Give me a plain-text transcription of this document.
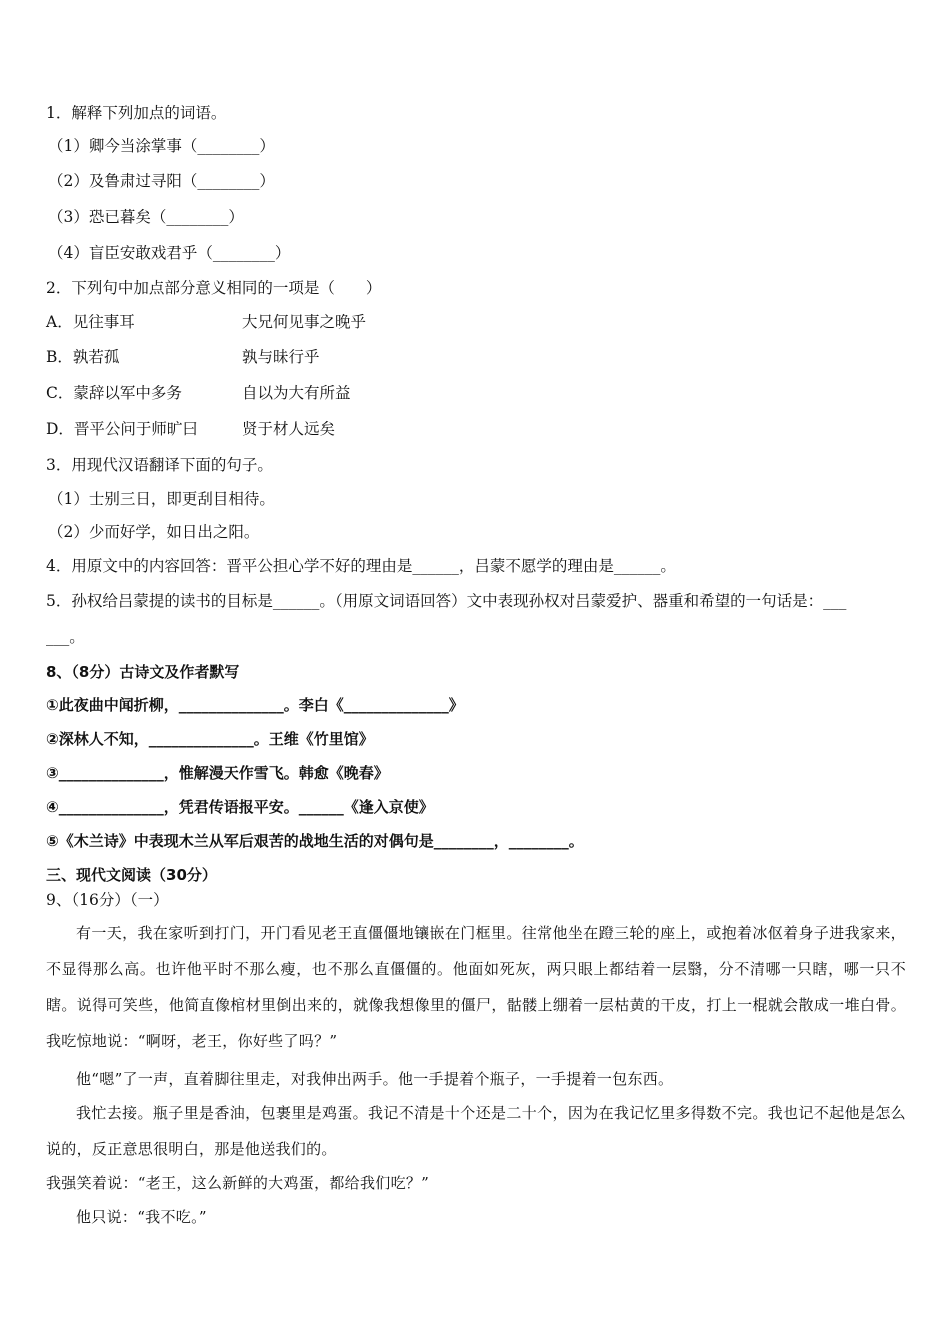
1．解释下列加点的词语。
（1）卿今当涂掌事（________）
（2）及鲁肃过寻阳（________）
（3）恐已暮矣（________）
（4）盲臣安敢戏君乎（________）
2．下列句中加点部分意义相同的一项是（　　）
A．见往事耳	大兄何见事之晚乎
B．孰若孤	孰与昧行乎
C．蒙辞以军中多务	自以为大有所益
D．晋平公问于师旷曰	贤于材人远矣
3．用现代汉语翻译下面的句子。
（1）士别三日，即更刮目相待。
（2）少而好学，如日出之阳。
4．用原文中的内容回答：晋平公担心学不好的理由是______，吕蒙不愿学的理由是______。
5．孙权给吕蒙提的读书的目标是______。（用原文词语回答）文中表现孙权对吕蒙爱护、器重和希望的一句话是：___
___。
8、（8分）古诗文及作者默写
①此夜曲中闻折柳，______________。李白《______________》
②深林人不知，______________。王维《竹里馆》
③______________，惟解漫天作雪飞。韩愈《晚春》
④______________，凭君传语报平安。______《逢入京使》
⑤《木兰诗》中表现木兰从军后艰苦的战地生活的对偶句是________，________。
三、现代文阅读（30分）
9、（16分）（一）
有一天，我在家听到打门，开门看见老王直僵僵地镶嵌在门框里。往常他坐在蹬三轮的座上，或抱着冰伛着身子进我家来，不显得那么高。也许他平时不那么瘦，也不那么直僵僵的。他面如死灰，两只眼上都结着一层翳，分不清哪一只瞎，哪一只不瞎。说得可笑些，他简直像棺材里倒出来的，就像我想像里的僵尸，骷髅上绷着一层枯黄的干皮，打上一棍就会散成一堆白骨。我吃惊地说：“啊呀，老王，你好些了吗？”
他“嗯”了一声，直着脚往里走，对我伸出两手。他一手提着个瓶子，一手提着一包东西。
我忙去接。瓶子里是香油，包裹里是鸡蛋。我记不清是十个还是二十个，因为在我记忆里多得数不完。我也记不起他是怎么说的，反正意思很明白，那是他送我们的。
我强笑着说：“老王，这么新鲜的大鸡蛋，都给我们吃？”
他只说：“我不吃。”
